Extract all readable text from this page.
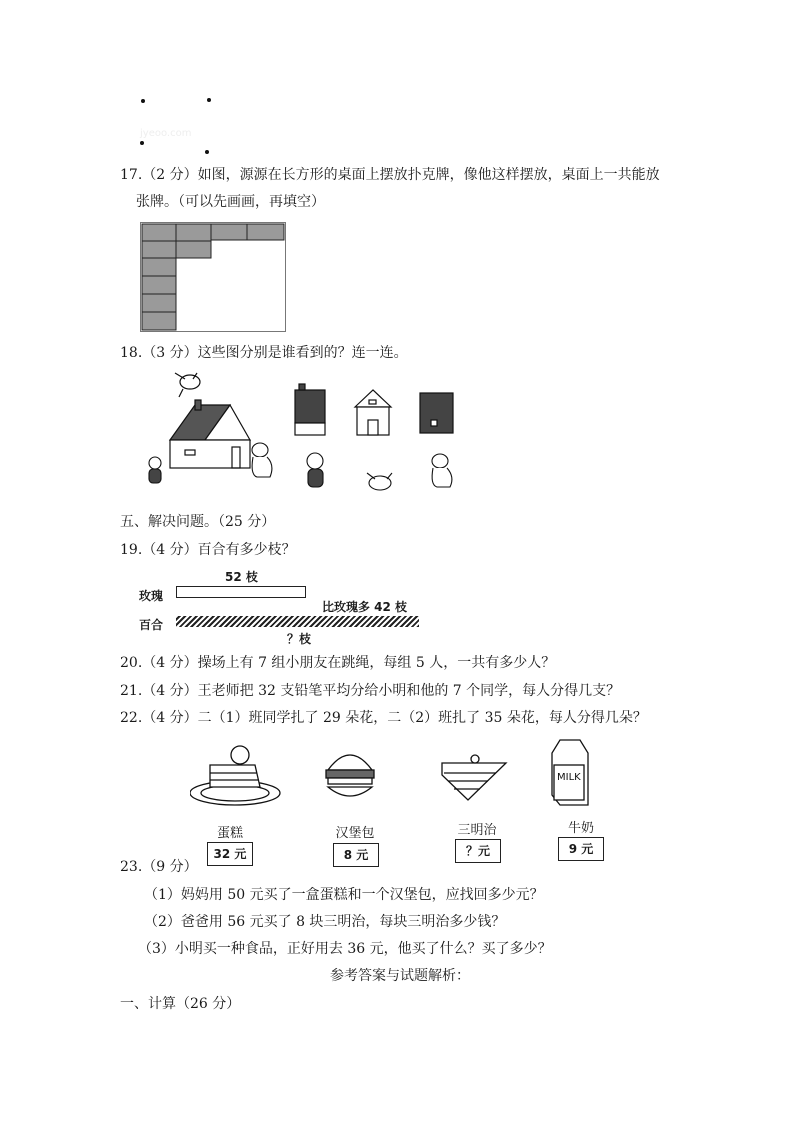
jyeoo.com
17.（2 分）如图，源源在长方形的桌面上摆放扑克牌，像他这样摆放，桌面上一共能放
张牌。（可以先画画，再填空）
18.（3 分）这些图分别是谁看到的？连一连。
五、解决问题。（25 分）
19.（4 分）百合有多少枝？
52 枝
玫瑰
比玫瑰多 42 枝
百合
？枝
20.（4 分）操场上有 7 组小朋友在跳绳，每组 5 人，一共有多少人？
21.（4 分）王老师把 32 支铅笔平均分给小明和他的 7 个同学，每人分得几支？
22.（4 分）二（1）班同学扎了 29 朵花，二（2）班扎了 35 朵花，每人分得几朵？
MILK
蛋糕	汉堡包	三明治	牛奶
32 元	8 元	？元	9 元
23.（9 分）
（1）妈妈用 50 元买了一盒蛋糕和一个汉堡包，应找回多少元？
（2）爸爸用 56 元买了 8 块三明治，每块三明治多少钱？
（3）小明买一种食品，正好用去 36 元，他买了什么？买了多少？
参考答案与试题解析：
一、计算（26 分）
